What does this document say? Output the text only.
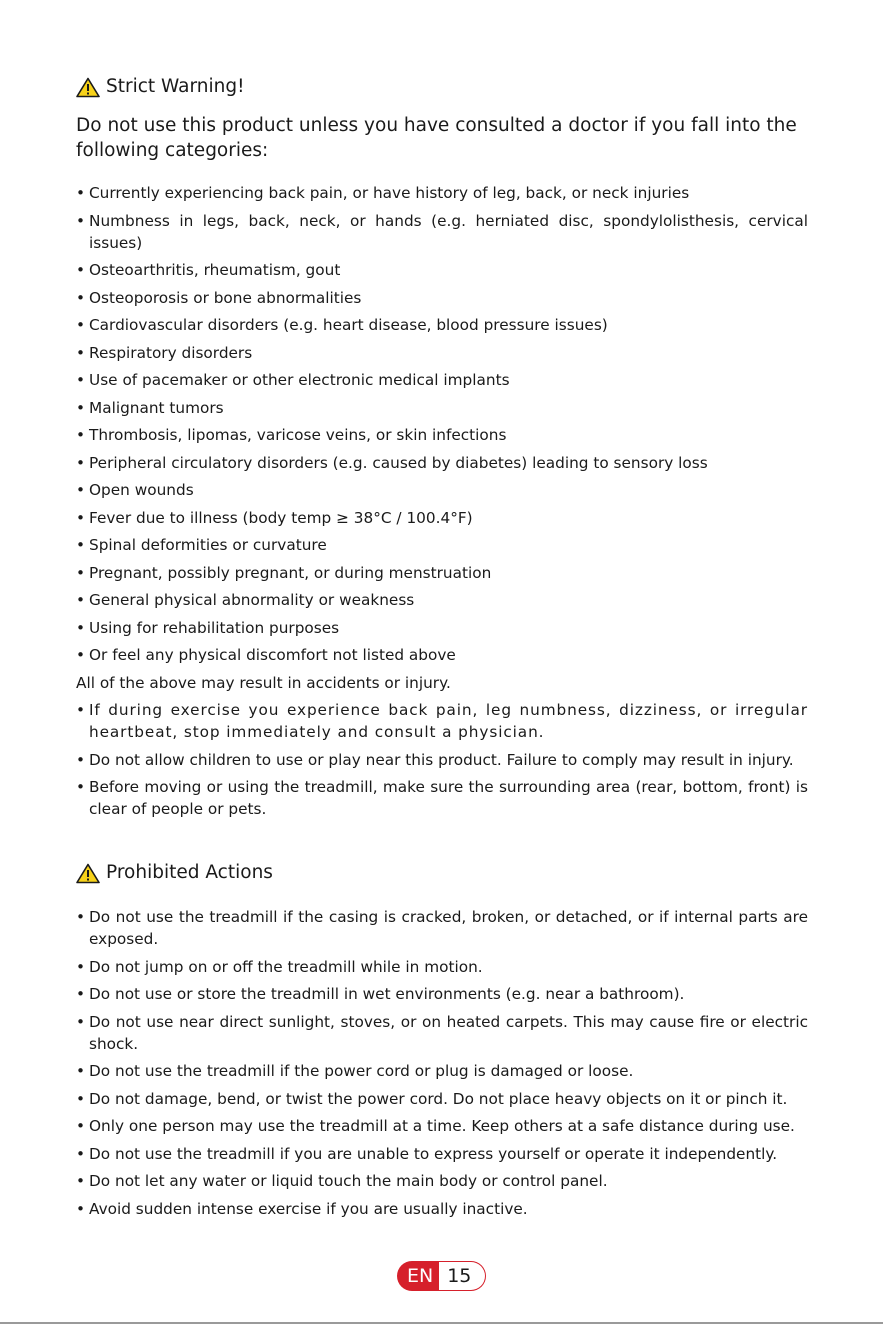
Strict Warning!
Do not use this product unless you have consulted a doctor if you fall into the following categories:
• Currently experiencing back pain, or have history of leg, back, or neck injuries
• Numbness in legs, back, neck, or hands (e.g. herniated disc, spondylolisthesis, cervical issues)
• Osteoarthritis, rheumatism, gout
• Osteoporosis or bone abnormalities
• Cardiovascular disorders (e.g. heart disease, blood pressure issues)
• Respiratory disorders
• Use of pacemaker or other electronic medical implants
• Malignant tumors
• Thrombosis, lipomas, varicose veins, or skin infections
• Peripheral circulatory disorders (e.g. caused by diabetes) leading to sensory loss
• Open wounds
• Fever due to illness (body temp ≥ 38°C / 100.4°F)
• Spinal deformities or curvature
• Pregnant, possibly pregnant, or during menstruation
• General physical abnormality or weakness
• Using for rehabilitation purposes
• Or feel any physical discomfort not listed above
All of the above may result in accidents or injury.
• If during exercise you experience back pain, leg numbness, dizziness, or irregular heartbeat, stop immediately and consult a physician.
• Do not allow children to use or play near this product. Failure to comply may result in injury.
• Before moving or using the treadmill, make sure the surrounding area (rear, bottom, front) is clear of people or pets.
Prohibited Actions
• Do not use the treadmill if the casing is cracked, broken, or detached, or if internal parts are exposed.
• Do not jump on or off the treadmill while in motion.
• Do not use or store the treadmill in wet environments (e.g. near a bathroom).
• Do not use near direct sunlight, stoves, or on heated carpets. This may cause fire or electric shock.
• Do not use the treadmill if the power cord or plug is damaged or loose.
• Do not damage, bend, or twist the power cord. Do not place heavy objects on it or pinch it.
• Only one person may use the treadmill at a time. Keep others at a safe distance during use.
• Do not use the treadmill if you are unable to express yourself or operate it independently.
• Do not let any water or liquid touch the main body or control panel.
• Avoid sudden intense exercise if you are usually inactive.
EN 15
